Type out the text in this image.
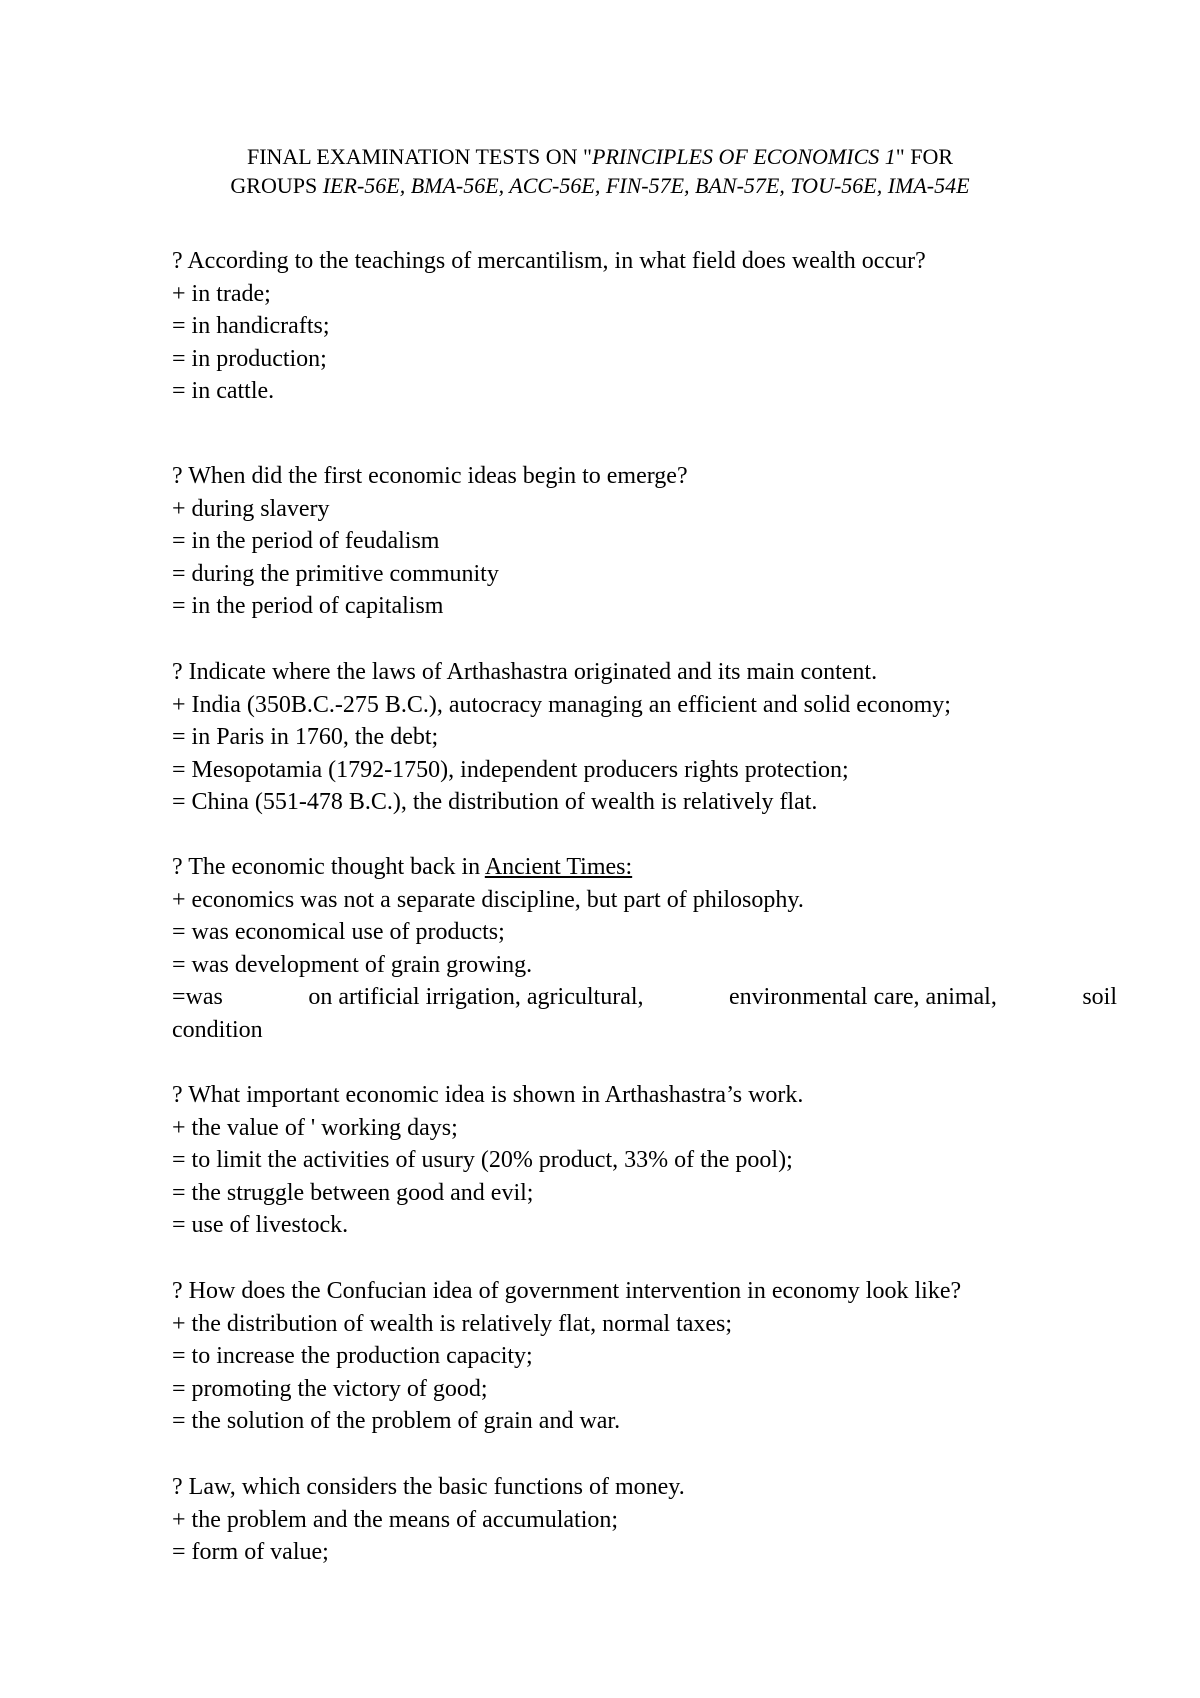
FINAL EXAMINATION TESTS ON "PRINCIPLES OF ECONOMICS 1" FOR
GROUPS IER-56E, BMA-56E, ACC-56E, FIN-57E, BAN-57E, TOU-56E, IMA-54E
? According to the teachings of mercantilism, in what field does wealth occur?
+ in trade;
= in handicrafts;
= in production;
= in cattle.
? When did the first economic ideas begin to emerge?
+ during slavery
= in the period of feudalism
= during the primitive community
= in the period of capitalism
? Indicate where the laws of Arthashastra originated and its main content.
+ India (350B.C.-275 B.C.), autocracy managing an efficient and solid economy;
= in Paris in 1760, the debt;
= Mesopotamia (1792-1750), independent producers rights protection;
= China (551-478 B.C.), the distribution of wealth is relatively flat.
? The economic thought back in Ancient Times:
+ economics was not a separate discipline, but part of philosophy.
= was economical use of products;
= was development of grain growing.
=was	on artificial irrigation, agricultural,	environmental care, animal,	soil
condition
? What important economic idea is shown in Arthashastra’s work.
+ the value of ' working days;
= to limit the activities of usury (20% product, 33% of the pool);
= the struggle between good and evil;
= use of livestock.
? How does the Confucian idea of government intervention in economy look like?
+ the distribution of wealth is relatively flat, normal taxes;
= to increase the production capacity;
= promoting the victory of good;
= the solution of the problem of grain and war.
? Law, which considers the basic functions of money.
+ the problem and the means of accumulation;
= form of value;
